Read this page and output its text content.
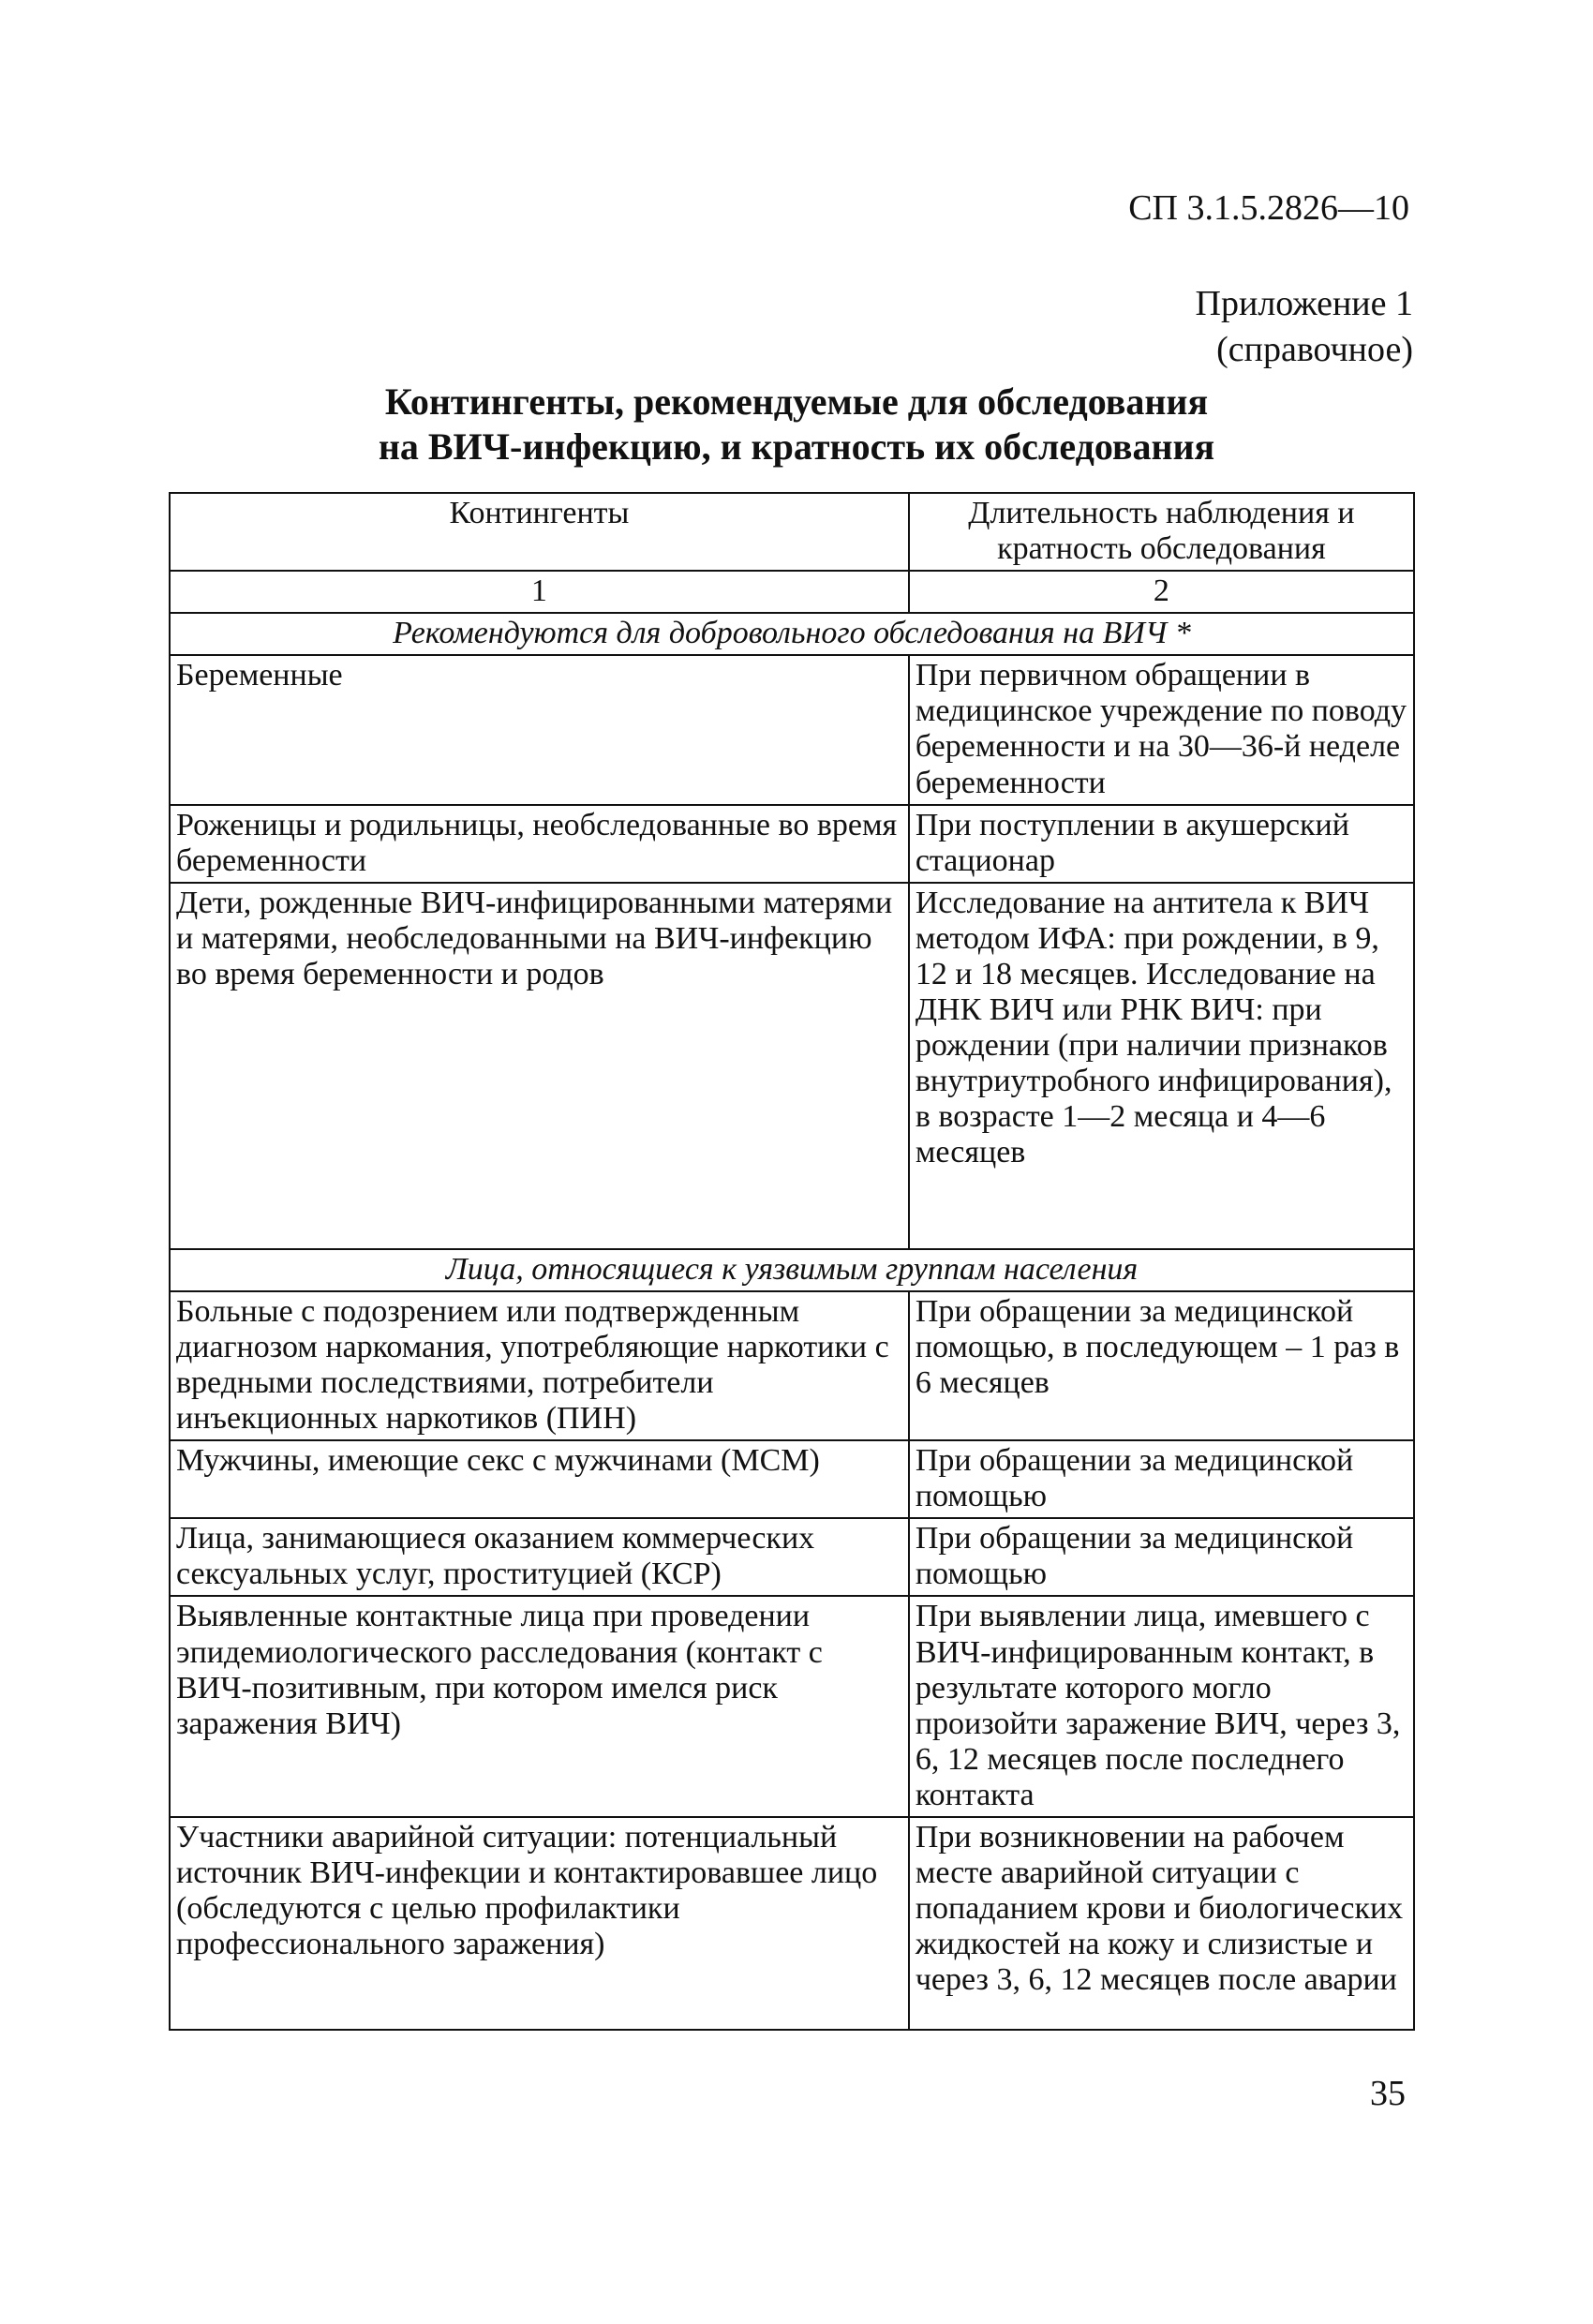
СП 3.1.5.2826—10
Приложение 1
(справочное)
Контингенты, рекомендуемые для обследования
на ВИЧ-инфекцию, и кратность их обследования
Контингенты	Длительность наблюдения и кратность обследования
1	2
Рекомендуются для добровольного обследования на ВИЧ *	
Беременные	При первичном обращении в медицинское учреждение по поводу беременности и на 30—36-й неделе беременности
Роженицы и родильницы, необследованные во время беременности	При поступлении в акушерский стационар
Дети, рожденные ВИЧ-инфицированными матерями и матерями, необследованными на ВИЧ-инфекцию во время беременности и родов	Исследование на антитела к ВИЧ методом ИФА: при рождении, в 9, 12 и 18 месяцев. Исследование на ДНК ВИЧ или РНК ВИЧ: при рождении (при наличии признаков внутриутробного инфицирования), в возрасте 1—2 месяца и 4—6 месяцев
Лица, относящиеся к уязвимым группам населения	
Больные с подозрением или подтвержденным диагнозом наркомания, употребляющие наркотики с вредными последствиями, потребители инъекционных наркотиков (ПИН)	При обращении за медицинской помощью, в последующем – 1 раз в 6 месяцев
Мужчины, имеющие секс с мужчинами (МСМ)	При обращении за медицинской помощью
Лица, занимающиеся оказанием коммерческих сексуальных услуг, проституцией (КСР)	При обращении за медицинской помощью
Выявленные контактные лица при проведении эпидемиологического расследования (контакт с ВИЧ-позитивным, при котором имелся риск заражения ВИЧ)	При выявлении лица, имевшего с ВИЧ-инфицированным контакт, в результате которого могло произойти заражение ВИЧ, через 3, 6, 12 месяцев после последнего контакта
Участники аварийной ситуации: потенциальный источник ВИЧ-инфекции и контактировавшее лицо (обследуются с целью профилактики профессионального заражения)	При возникновении на рабочем месте аварийной ситуации с попаданием крови и биологических жидкостей на кожу и слизистые и через 3, 6, 12 месяцев после аварии
35
